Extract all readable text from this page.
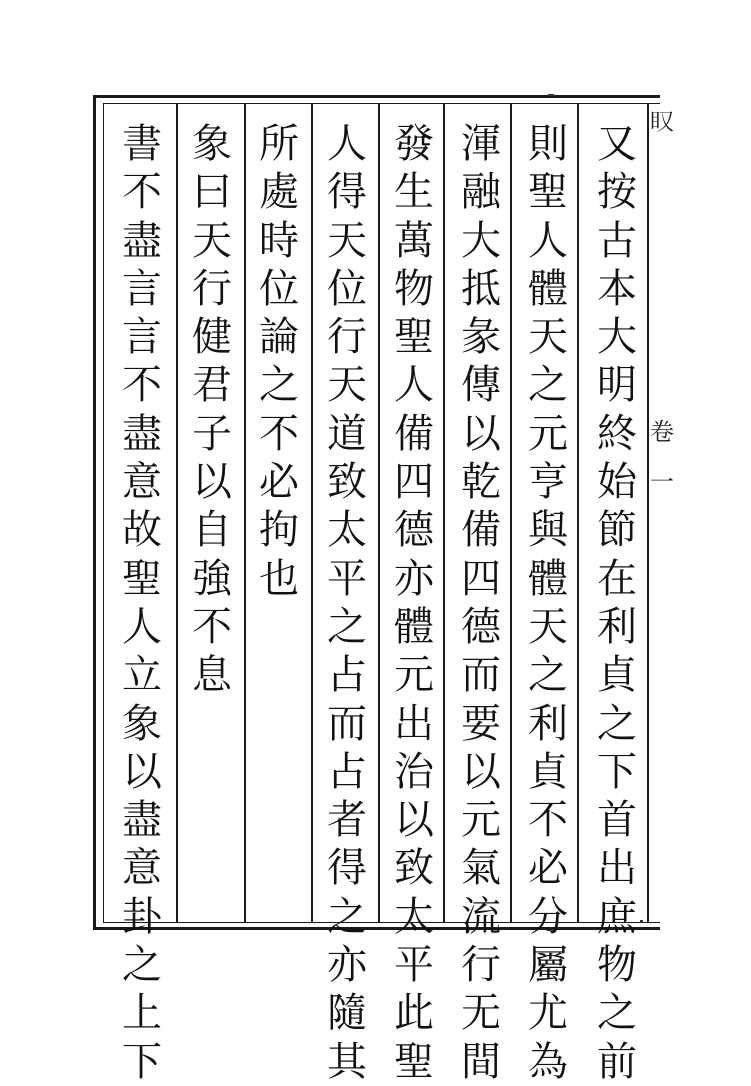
又
按
古
本
大
明
終
始
節
在
利
貞
之
下
首
出
庶
物
之
前
則
聖
人
體
天
之
元
亨
與
體
天
之
利
貞
不
必
分
屬
尤
為
渾
融
大
抵
彖
傳
以
乾
備
四
德
而
要
以
元
氣
流
行
无
間
發
生
萬
物
聖
人
備
四
德
亦
體
元
出
治
以
致
太
平
此
聖
人
得
天
位
行
天
道
致
太
平
之
占
而
占
者
得
之
亦
隨
其
所
處
時
位
論
之
不
必
拘
也
象
曰
天
行
健
君
子
以
自
強
不
息
書
不
盡
言
言
不
盡
意
故
聖
人
立
象
以
盡
意
卦
之
上
下
𥃫
卷
一
